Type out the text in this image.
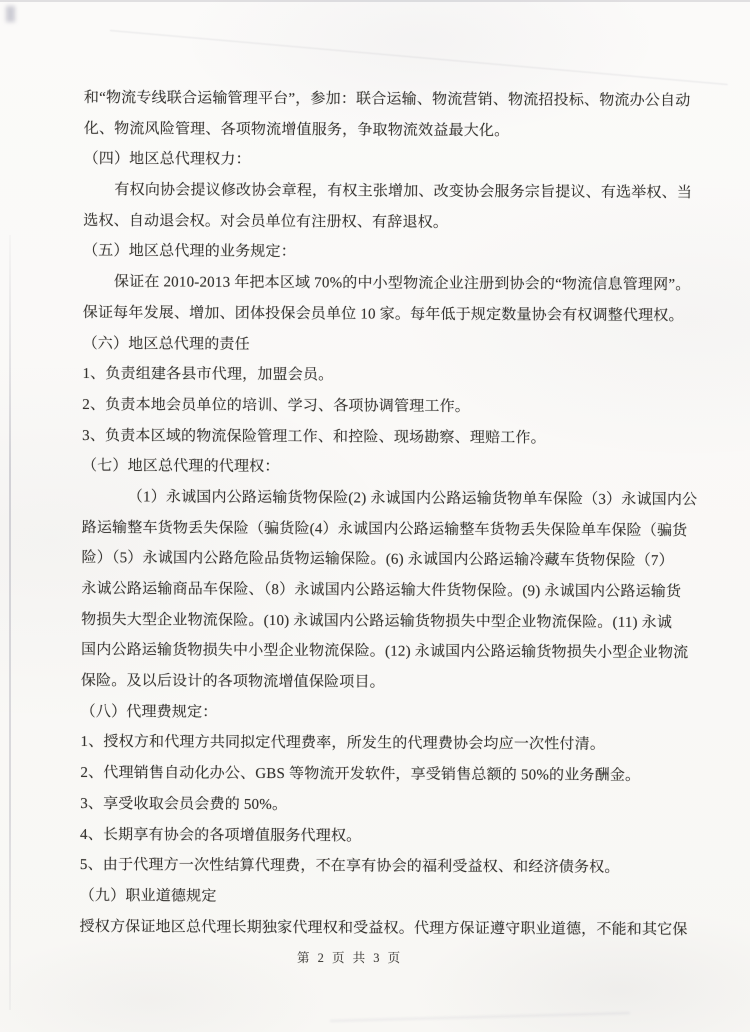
和“物流专线联合运输管理平台”，参加：联合运输、物流营销、物流招投标、物流办公自动
化、物流风险管理、各项物流增值服务，争取物流效益最大化。
（四）地区总代理权力：
有权向协会提议修改协会章程，有权主张增加、改变协会服务宗旨提议、有选举权、当
选权、自动退会权。对会员单位有注册权、有辞退权。
（五）地区总代理的业务规定：
保证在 2010-2013 年把本区域 70%的中小型物流企业注册到协会的“物流信息管理网”。
保证每年发展、增加、团体投保会员单位 10 家。每年低于规定数量协会有权调整代理权。
（六）地区总代理的责任
1、负责组建各县市代理，加盟会员。
2、负责本地会员单位的培训、学习、各项协调管理工作。
3、负责本区域的物流保险管理工作、和控险、现场勘察、理赔工作。
（七）地区总代理的代理权：
（1）永诚国内公路运输货物保险(2) 永诚国内公路运输货物单车保险（3）永诚国内公
路运输整车货物丢失保险（骗货险(4）永诚国内公路运输整车货物丢失保险单车保险（骗货
险）（5）永诚国内公路危险品货物运输保险。(6) 永诚国内公路运输冷藏车货物保险（7）
永诚公路运输商品车保险、（8）永诚国内公路运输大件货物保险。(9) 永诚国内公路运输货
物损失大型企业物流保险。(10) 永诚国内公路运输货物损失中型企业物流保险。(11) 永诚
国内公路运输货物损失中小型企业物流保险。(12) 永诚国内公路运输货物损失小型企业物流
保险。及以后设计的各项物流增值保险项目。
（八）代理费规定：
1、授权方和代理方共同拟定代理费率，所发生的代理费协会均应一次性付清。
2、代理销售自动化办公、GBS 等物流开发软件，享受销售总额的 50%的业务酬金。
3、享受收取会员会费的 50%。
4、长期享有协会的各项增值服务代理权。
5、由于代理方一次性结算代理费，不在享有协会的福利受益权、和经济债务权。
（九）职业道德规定
授权方保证地区总代理长期独家代理权和受益权。代理方保证遵守职业道德，不能和其它保
第 2 页 共 3 页
